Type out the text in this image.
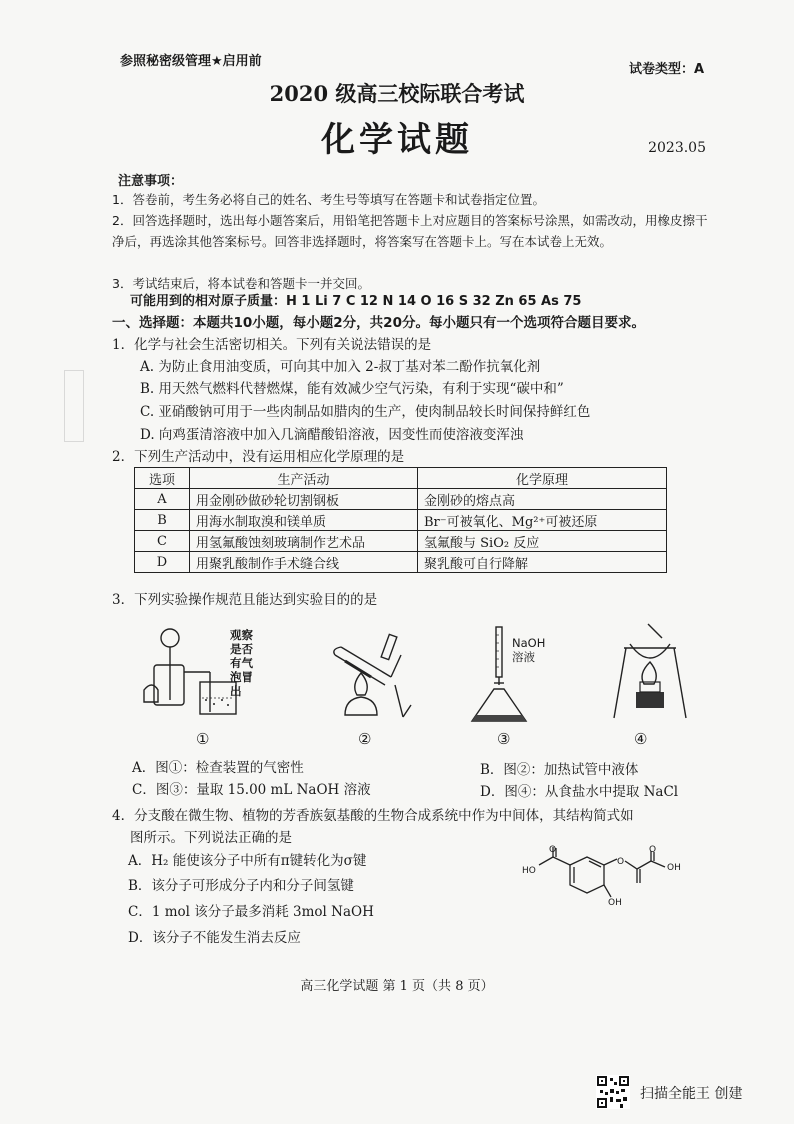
参照秘密级管理★启用前
试卷类型：A
2020 级高三校际联合考试
化学试题	2023.05
注意事项：
1．答卷前，考生务必将自己的姓名、考生号等填写在答题卡和试卷指定位置。
2．回答选择题时，选出每小题答案后，用铅笔把答题卡上对应题目的答案标号涂黑，如需改动，用橡皮擦干净后，再选涂其他答案标号。回答非选择题时，将答案写在答题卡上。写在本试卷上无效。
3．考试结束后，将本试卷和答题卡一并交回。
可能用到的相对原子质量：H 1 Li 7 C 12 N 14 O 16 S 32 Zn 65 As 75
一、选择题：本题共10小题，每小题2分，共20分。每小题只有一个选项符合题目要求。
1．化学与社会生活密切相关。下列有关说法错误的是
A. 为防止食用油变质，可向其中加入 2-叔丁基对苯二酚作抗氧化剂
B. 用天然气燃料代替燃煤，能有效减少空气污染，有利于实现“碳中和”
C. 亚硝酸钠可用于一些肉制品如腊肉的生产，使肉制品较长时间保持鲜红色
D. 向鸡蛋清溶液中加入几滴醋酸铅溶液，因变性而使溶液变浑浊
2．下列生产活动中，没有运用相应化学原理的是
选项	生产活动	化学原理
A	用金刚砂做砂轮切割钢板	金刚砂的熔点高
B	用海水制取溴和镁单质	Br⁻可被氧化、Mg²⁺可被还原
C	用氢氟酸蚀刻玻璃制作艺术品	氢氟酸与 SiO₂ 反应
D	用聚乳酸制作手术缝合线	聚乳酸可自行降解
3．下列实验操作规范且能达到实验目的的是
观察
是否
有气
泡冒
出
NaOH
溶液
①	②	③	④
A．图①：检查装置的气密性	B．图②：加热试管中液体
C．图③：量取 15.00 mL NaOH 溶液	D．图④：从食盐水中提取 NaCl
4．分支酸在微生物、植物的芳香族氨基酸的生物合成系统中作为中间体，其结构简式如
图所示。下列说法正确的是
A．H₂ 能使该分子中所有π键转化为σ键
B．该分子可形成分子内和分子间氢键
C．1 mol 该分子最多消耗 3mol NaOH
D．该分子不能发生消去反应
HO
O
O
OH
O
OH
高三化学试题 第 1 页（共 8 页）
扫描全能王 创建
